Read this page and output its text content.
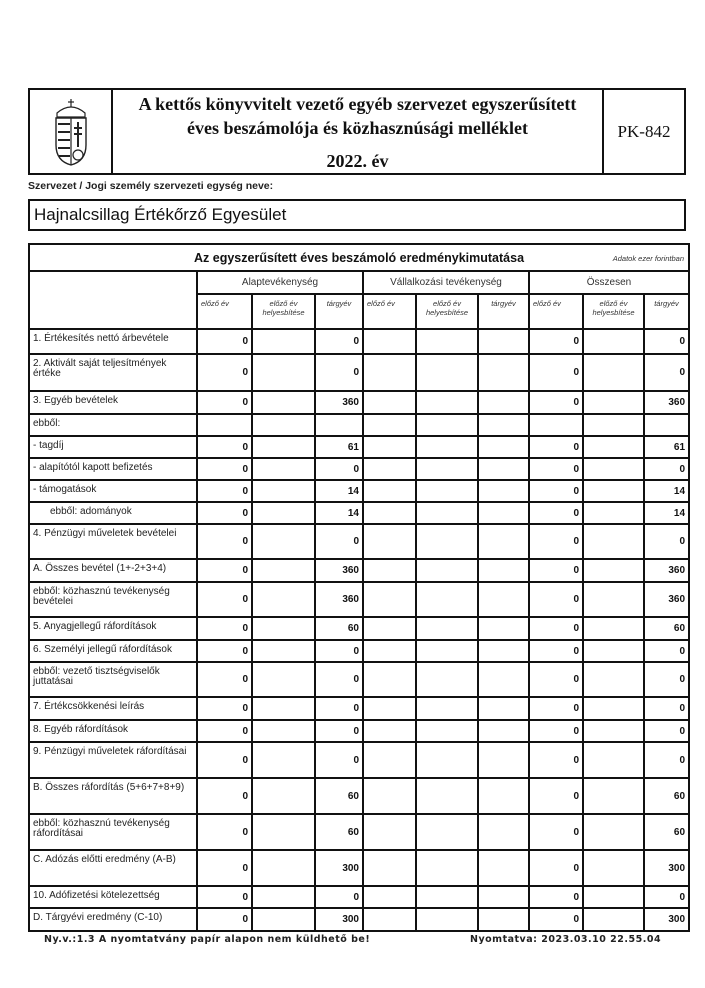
A kettős könyvvitelt vezető egyéb szervezet egyszerűsített
éves beszámolója és közhasznúsági melléklet
2022. év
PK-842
Szervezet / Jogi személy szervezeti egység neve:
Hajnalcsillag Értékőrző Egyesület
Az egyszerűsített éves beszámoló eredménykimutatása Adatok ezer forintban									

	Alaptevékenység			Vállalkozási tevékenység			Összesen		
	előző év	előző év helyesbítése	tárgyév	előző év	előző év helyesbítése	tárgyév	előző év	előző év helyesbítése	tárgyév
1. Értékesítés nettó árbevétele	0		0				0		0
2. Aktivált saját teljesítmények értéke	0		0				0		0
3. Egyéb bevételek	0		360				0		360
ebből:									
- tagdíj	0		61				0		61
- alapítótól kapott befizetés	0		0				0		0
- támogatások	0		14				0		14
ebből: adományok	0		14				0		14
4. Pénzügyi műveletek bevételei	0		0				0		0
A. Összes bevétel (1+-2+3+4)	0		360				0		360
ebből: közhasznú tevékenység bevételei	0		360				0		360
5. Anyagjellegű ráfordítások	0		60				0		60
6. Személyi jellegű ráfordítások	0		0				0		0
ebből: vezető tisztségviselők juttatásai	0		0				0		0
7. Értékcsökkenési leírás	0		0				0		0
8. Egyéb ráfordítások	0		0				0		0
9. Pénzügyi műveletek ráfordításai	0		0				0		0
B. Összes ráfordítás (5+6+7+8+9)	0		60				0		60
ebből: közhasznú tevékenység ráfordításai	0		60				0		60
C. Adózás előtti eredmény (A-B)	0		300				0		300
10. Adófizetési kötelezettség	0		0				0		0
D. Tárgyévi eredmény (C-10)	0		300				0		300
Ny.v.:1.3 A nyomtatvány papír alapon nem küldhető be!	Nyomtatva: 2023.03.10 22.55.04
